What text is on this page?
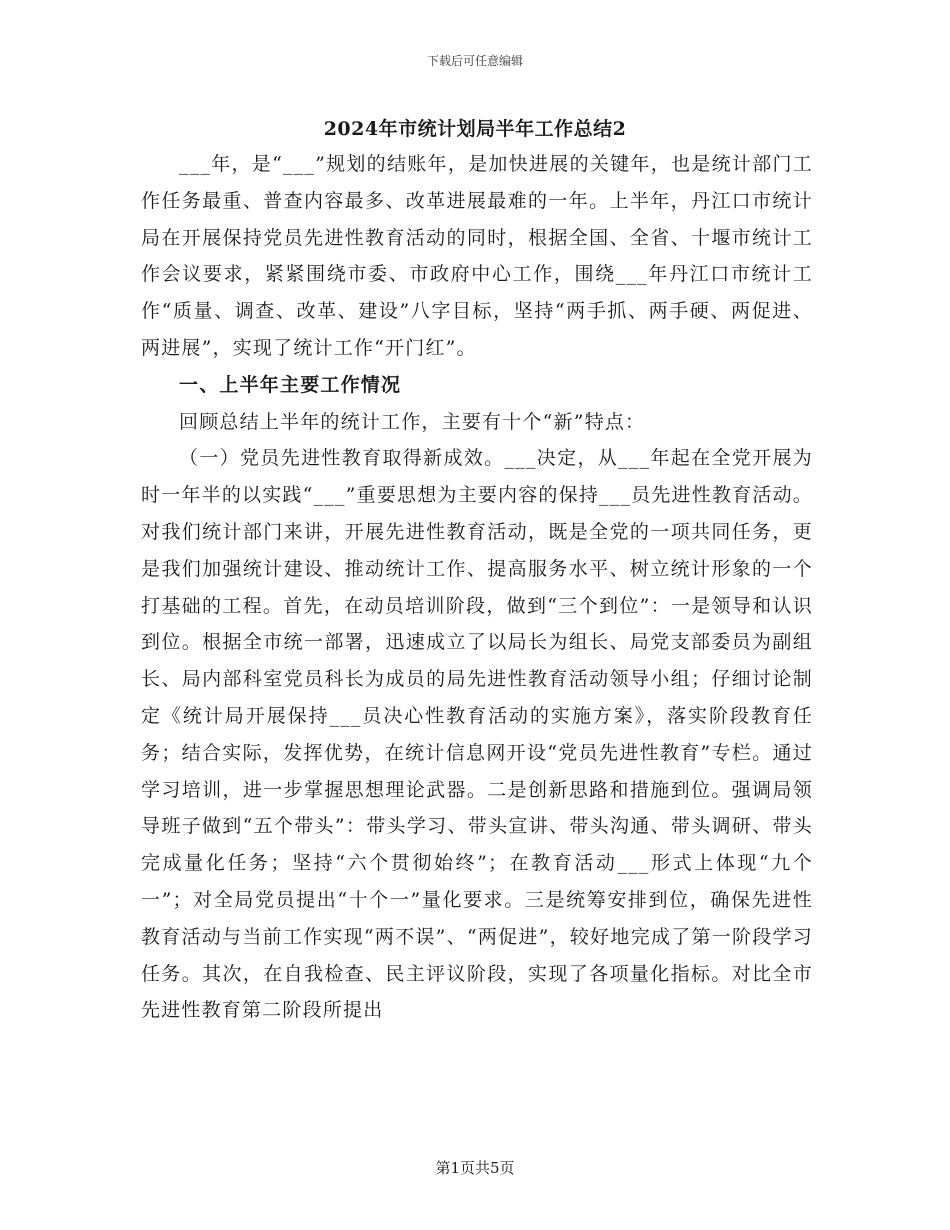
下载后可任意编辑
2024年市统计划局半年工作总结2

___年，是“___”规划的结账年，是加快进展的关键年，也是统计部门工作任务最重、普查内容最多、改革进展最难的一年。上半年，丹江口市统计局在开展保持党员先进性教育活动的同时，根据全国、全省、十堰市统计工作会议要求，紧紧围绕市委、市政府中心工作，围绕___年丹江口市统计工作“质量、调查、改革、建设”八字目标，坚持“两手抓、两手硬、两促进、两进展”，实现了统计工作“开门红”。

一、上半年主要工作情况

回顾总结上半年的统计工作，主要有十个“新”特点：

（一）党员先进性教育取得新成效。___决定，从___年起在全党开展为时一年半的以实践“___”重要思想为主要内容的保持___员先进性教育活动。对我们统计部门来讲，开展先进性教育活动，既是全党的一项共同任务，更是我们加强统计建设、推动统计工作、提高服务水平、树立统计形象的一个打基础的工程。首先，在动员培训阶段，做到“三个到位”：一是领导和认识到位。根据全市统一部署，迅速成立了以局长为组长、局党支部委员为副组长、局内部科室党员科长为成员的局先进性教育活动领导小组；仔细讨论制定《统计局开展保持___员决心性教育活动的实施方案》，落实阶段教育任务；结合实际，发挥优势，在统计信息网开设“党员先进性教育”专栏。通过学习培训，进一步掌握思想理论武器。二是创新思路和措施到位。强调局领导班子做到“五个带头”：带头学习、带头宣讲、带头沟通、带头调研、带头完成量化任务；坚持“六个贯彻始终”；在教育活动___形式上体现“九个一”；对全局党员提出“十个一”量化要求。三是统筹安排到位，确保先进性教育活动与当前工作实现“两不误”、“两促进”，较好地完成了第一阶段学习任务。其次，在自我检查、民主评议阶段，实现了各项量化指标。对比全市先进性教育第二阶段所提出

第1页共5页
